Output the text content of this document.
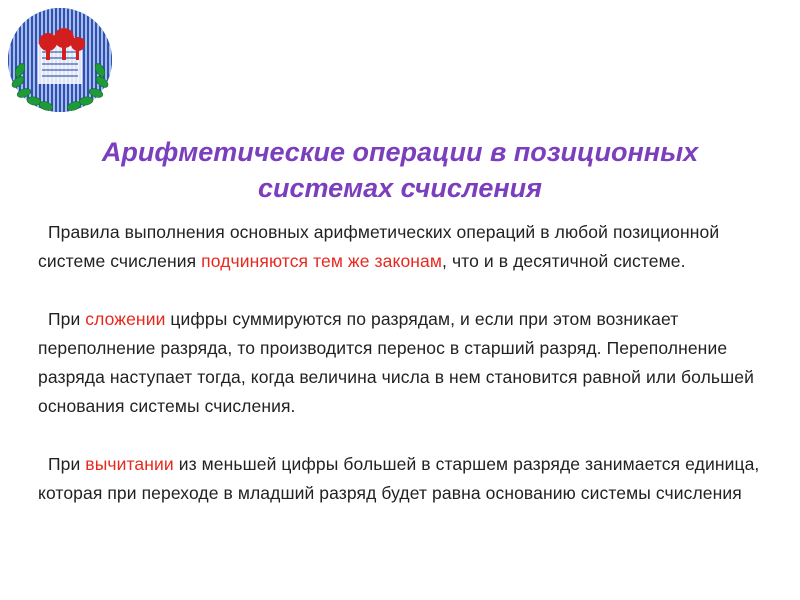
Арифметические операции в позиционных
системах счисления

Правила выполнения основных арифметических операций в любой позиционной системе счисления подчиняются тем же законам, что и в десятичной системе.

При сложении цифры суммируются по разрядам, и если при этом возникает переполнение разряда, то производится перенос в старший разряд. Переполнение разряда наступает тогда, когда величина числа в нем становится равной или большей основания системы счисления.

При вычитании из меньшей цифры большей в старшем разряде занимается единица, которая при переходе в младший разряд будет равна основанию системы счисления
